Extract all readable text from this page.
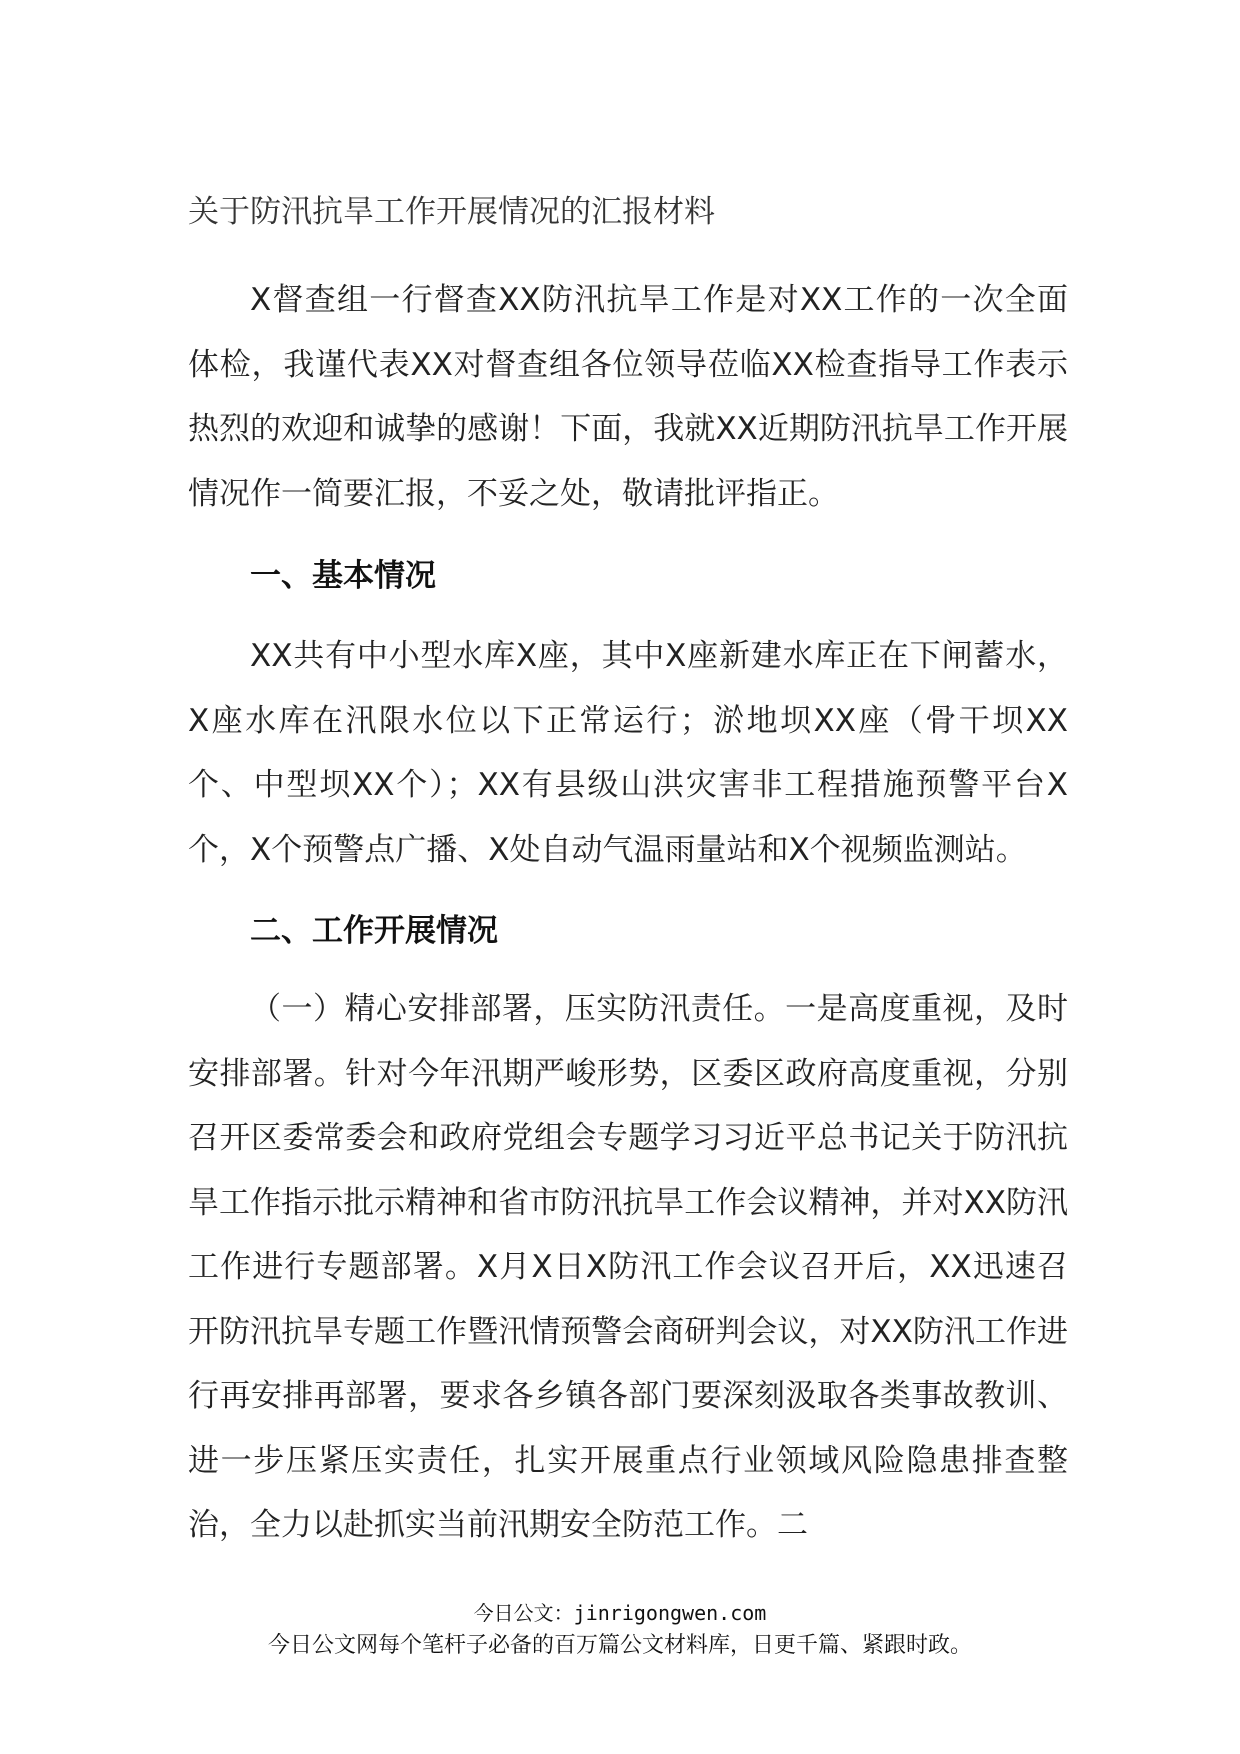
关于防汛抗旱工作开展情况的汇报材料

X督查组一行督查XX防汛抗旱工作是对XX工作的一次全面体检，我谨代表XX对督查组各位领导莅临XX检查指导工作表示热烈的欢迎和诚挚的感谢！下面，我就XX近期防汛抗旱工作开展情况作一简要汇报，不妥之处，敬请批评指正。

一、基本情况

XX共有中小型水库X座，其中X座新建水库正在下闸蓄水，X座水库在汛限水位以下正常运行；淤地坝XX座（骨干坝XX个、中型坝XX个）；XX有县级山洪灾害非工程措施预警平台X个，X个预警点广播、X处自动气温雨量站和X个视频监测站。

二、工作开展情况

（一）精心安排部署，压实防汛责任。一是高度重视，及时安排部署。针对今年汛期严峻形势，区委区政府高度重视，分别召开区委常委会和政府党组会专题学习习近平总书记关于防汛抗旱工作指示批示精神和省市防汛抗旱工作会议精神，并对XX防汛工作进行专题部署。X月X日X防汛工作会议召开后，XX迅速召开防汛抗旱专题工作暨汛情预警会商研判会议，对XX防汛工作进行再安排再部署，要求各乡镇各部门要深刻汲取各类事故教训、进一步压紧压实责任，扎实开展重点行业领域风险隐患排查整治，全力以赴抓实当前汛期安全防范工作。二

今日公文：jinrigongwen.com
今日公文网每个笔杆子必备的百万篇公文材料库，日更千篇、紧跟时政。
